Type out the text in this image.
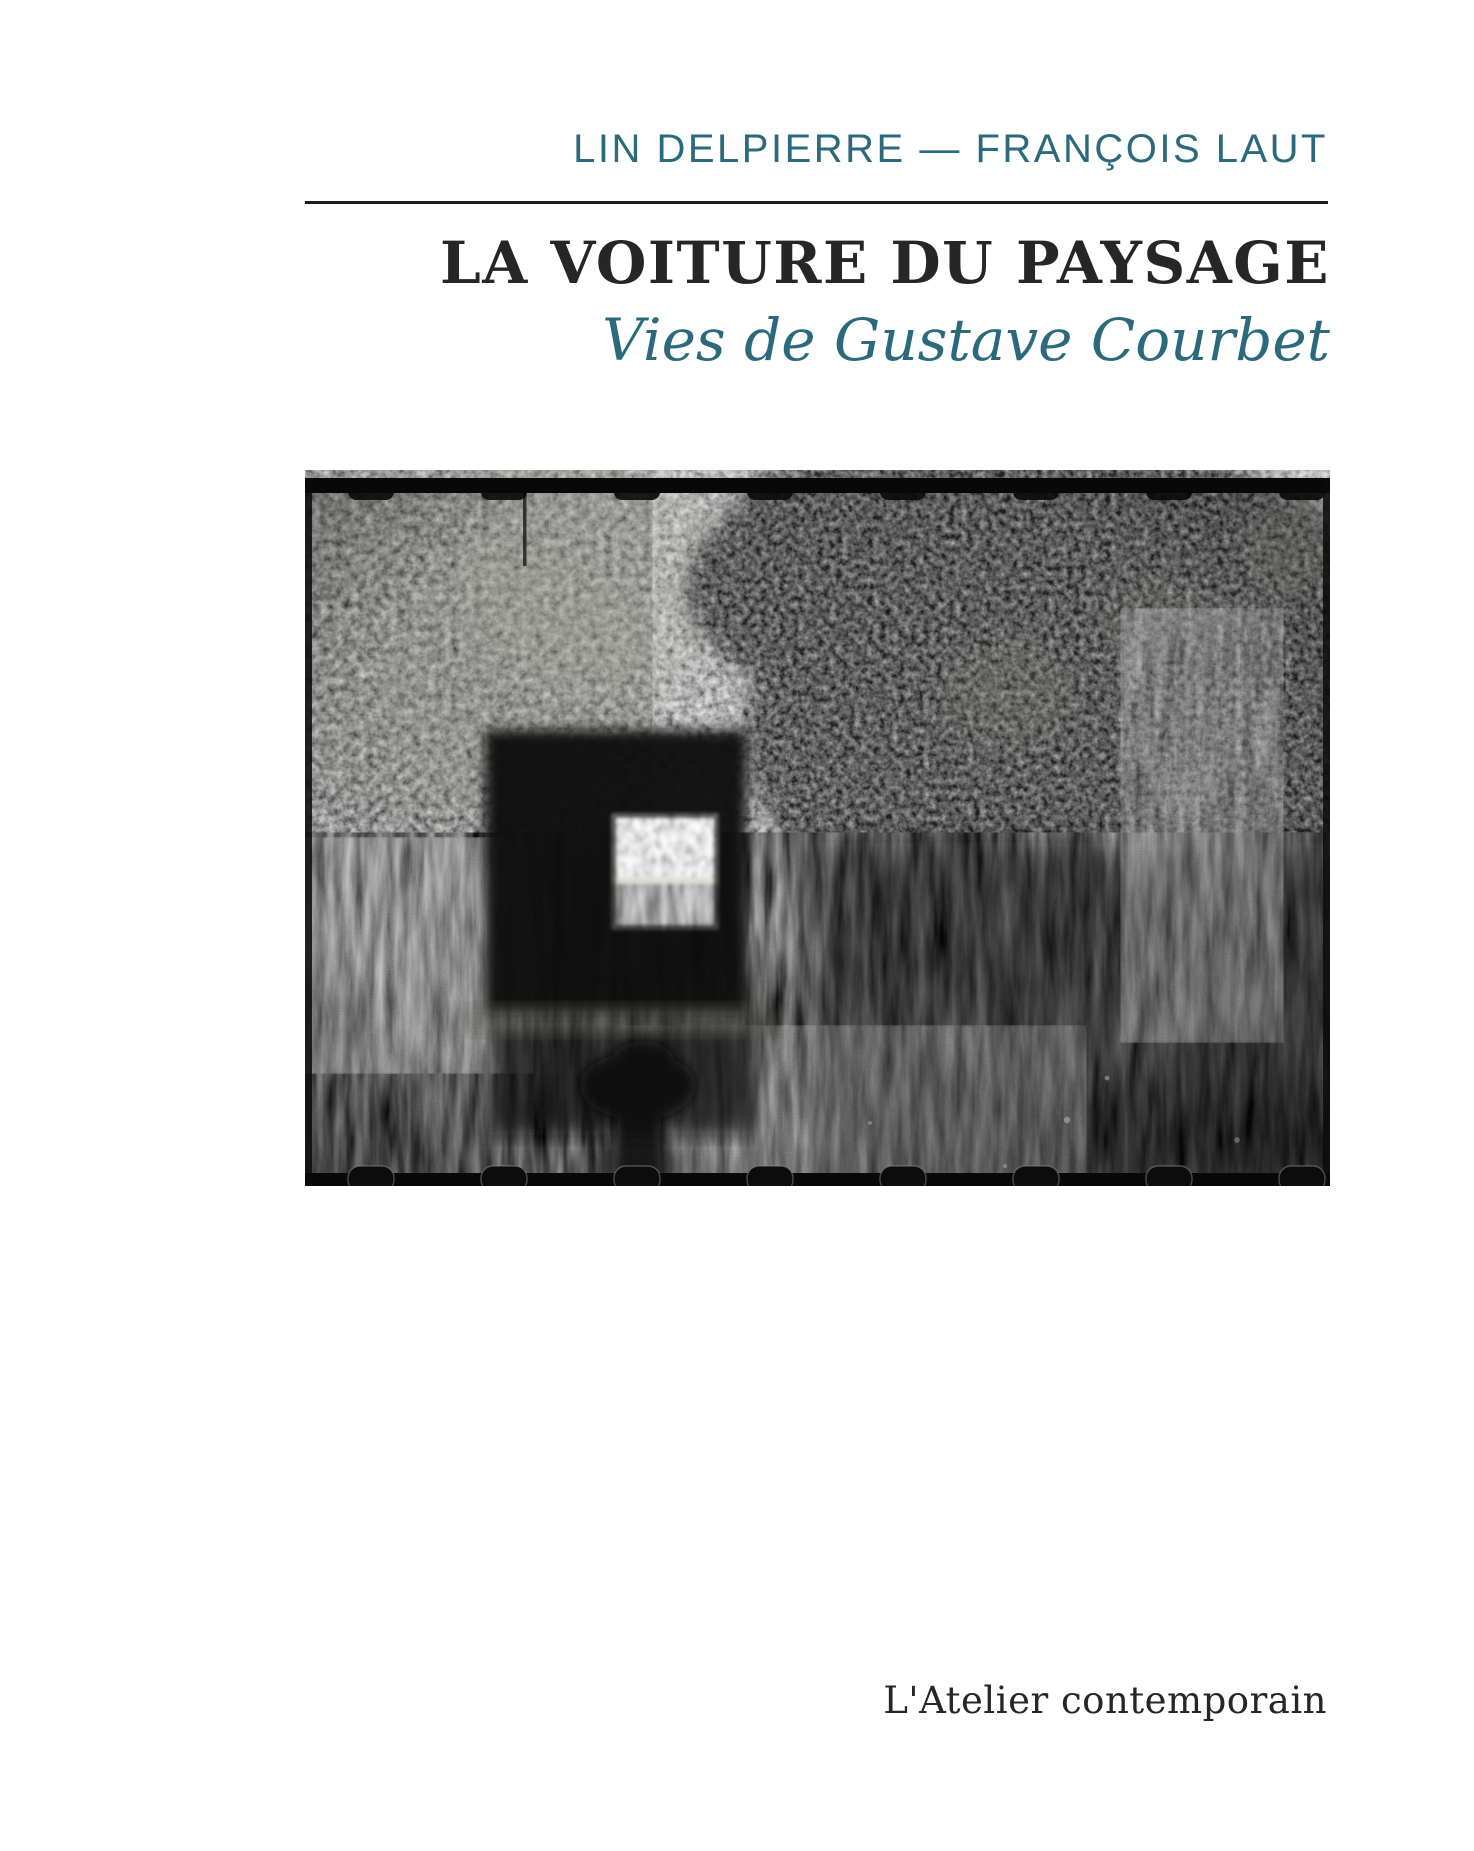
LIN DELPIERRE — FRANÇOIS LAUT
LA VOITURE DU PAYSAGE
Vies de Gustave Courbet
L'Atelier contemporain
